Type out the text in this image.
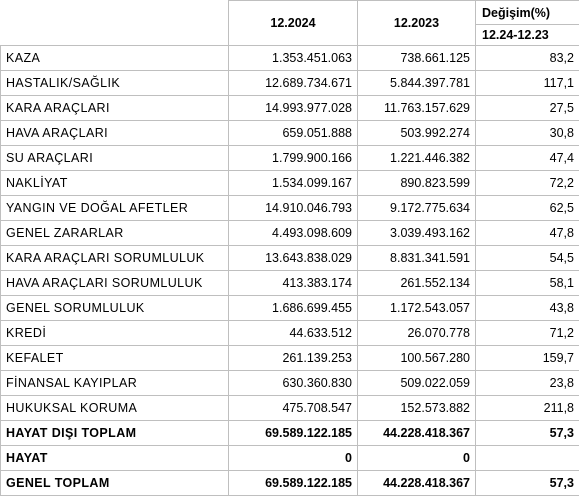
	12.2024	12.2023	Değişim(%)
			12.24-12.23
KAZA	1.353.451.063	738.661.125	83,2
HASTALIK/SAĞLIK	12.689.734.671	5.844.397.781	117,1
KARA ARAÇLARI	14.993.977.028	11.763.157.629	27,5
HAVA ARAÇLARI	659.051.888	503.992.274	30,8
SU ARAÇLARI	1.799.900.166	1.221.446.382	47,4
NAKLİYAT	1.534.099.167	890.823.599	72,2
YANGIN VE DOĞAL AFETLER	14.910.046.793	9.172.775.634	62,5
GENEL ZARARLAR	4.493.098.609	3.039.493.162	47,8
KARA ARAÇLARI SORUMLULUK	13.643.838.029	8.831.341.591	54,5
HAVA ARAÇLARI SORUMLULUK	413.383.174	261.552.134	58,1
GENEL SORUMLULUK	1.686.699.455	1.172.543.057	43,8
KREDİ	44.633.512	26.070.778	71,2
KEFALET	261.139.253	100.567.280	159,7
FİNANSAL KAYIPLAR	630.360.830	509.022.059	23,8
HUKUKSAL KORUMA	475.708.547	152.573.882	211,8
HAYAT DIŞI TOPLAM	69.589.122.185	44.228.418.367	57,3
HAYAT	0	0	
GENEL TOPLAM	69.589.122.185	44.228.418.367	57,3
